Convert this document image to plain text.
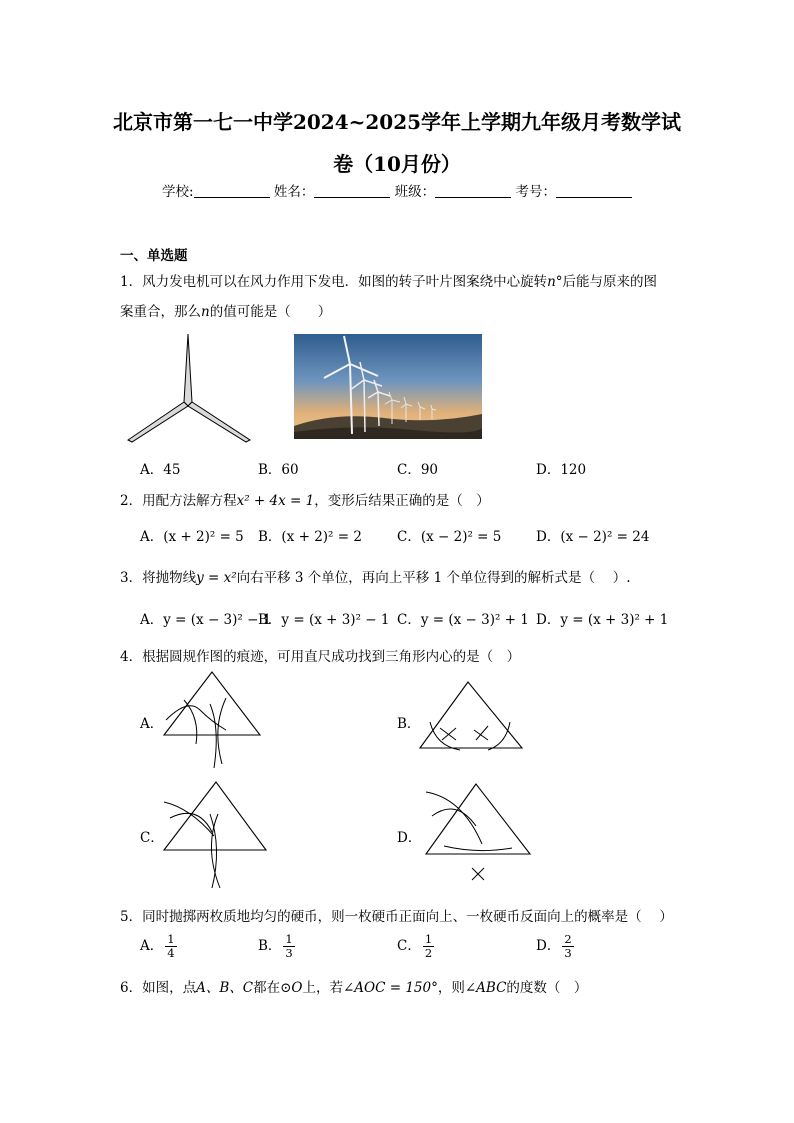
北京市第一七一中学2024~2025学年上学期九年级月考数学试
卷（10月份）
学校:	姓名：	班级：	考号：
一、单选题
1．风力发电机可以在风力作用下发电．如图的转子叶片图案绕中心旋转n°后能与原来的图
案重合，那么n的值可能是（　　）
A．45	B．60	C．90	D．120
2．用配方法解方程x² + 4x = 1，变形后结果正确的是（　）
A．(x + 2)² = 5 B．(x + 2)² = 2	C．(x − 2)² = 5	D．(x − 2)² = 24
3．将抛物线y = x²向右平移 3 个单位，再向上平移 1 个单位得到的解析式是（　 ）.
A．y = (x − 3)² − 1
B．y = (x + 3)² − 1 C．y = (x − 3)² + 1 D．y = (x + 3)² + 1
4．根据圆规作图的痕迹，可用直尺成功找到三角形内心的是（　）
A．	B．
C．	D．
5．同时抛掷两枚质地均匀的硬币，则一枚硬币正面向上、一枚硬币反面向上的概率是（　 ）
A． $\frac{1}{4}$	B． $\frac{1}{3}$	C． $\frac{1}{2}$	D． $\frac{2}{3}$
6．如图，点A、B、C都在⊙O上，若∠AOC = 150°，则∠ABC的度数（　）
